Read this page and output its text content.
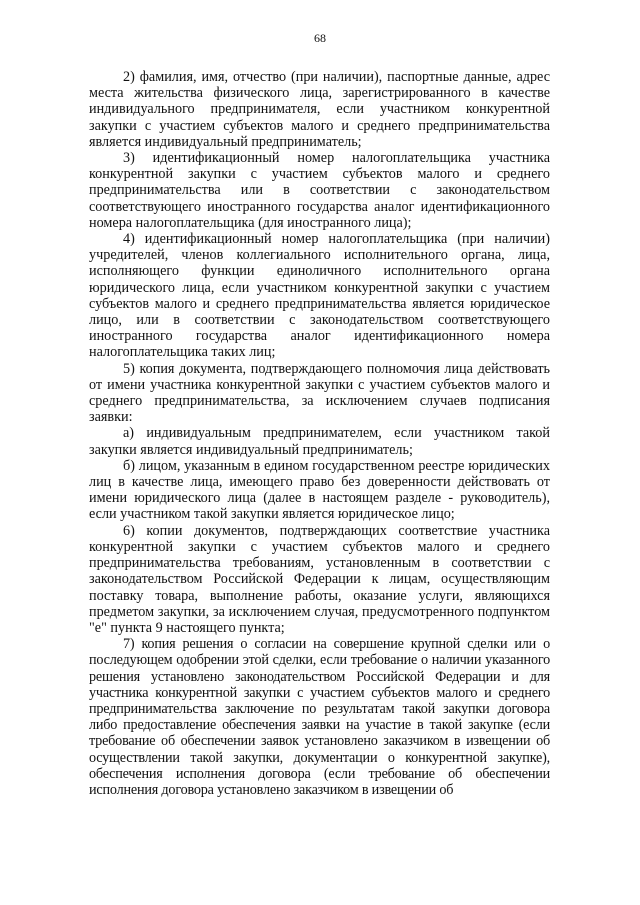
68

2) фамилия, имя, отчество (при наличии), паспортные данные, адрес места жительства физического лица, зарегистрированного в качестве индивидуального предпринимателя, если участником конкурентной закупки с участием субъектов малого и среднего предпринимательства является индивидуальный предприниматель;

3) идентификационный номер налогоплательщика участника конкурентной закупки с участием субъектов малого и среднего предпринимательства или в соответствии с законодательством соответствующего иностранного государства аналог идентификационного номера налогоплательщика (для иностранного лица);

4) идентификационный номер налогоплательщика (при наличии) учредителей, членов коллегиального исполнительного органа, лица, исполняющего функции единоличного исполнительного органа юридического лица, если участником конкурентной закупки с участием субъектов малого и среднего предпринимательства является юридическое лицо, или в соответствии с законодательством соответствующего иностранного государства аналог идентификационного номера налогоплательщика таких лиц;

5) копия документа, подтверждающего полномочия лица действовать от имени участника конкурентной закупки с участием субъектов малого и среднего предпринимательства, за исключением случаев подписания заявки:

а) индивидуальным предпринимателем, если участником такой закупки является индивидуальный предприниматель;

б) лицом, указанным в едином государственном реестре юридических лиц в качестве лица, имеющего право без доверенности действовать от имени юридического лица (далее в настоящем разделе - руководитель), если участником такой закупки является юридическое лицо;

6) копии документов, подтверждающих соответствие участника конкурентной закупки с участием субъектов малого и среднего предпринимательства требованиям, установленным в соответствии с законодательством Российской Федерации к лицам, осуществляющим поставку товара, выполнение работы, оказание услуги, являющихся предметом закупки, за исключением случая, предусмотренного подпунктом "е" пункта 9 настоящего пункта;

7) копия решения о согласии на совершение крупной сделки или о последующем одобрении этой сделки, если требование о наличии указанного решения установлено законодательством Российской Федерации и для участника конкурентной закупки с участием субъектов малого и среднего предпринимательства заключение по результатам такой закупки договора либо предоставление обеспечения заявки на участие в такой закупке (если требование об обеспечении заявок установлено заказчиком в извещении об осуществлении такой закупки, документации о конкурентной закупке), обеспечения исполнения договора (если требование об обеспечении исполнения договора установлено заказчиком в извещении об
